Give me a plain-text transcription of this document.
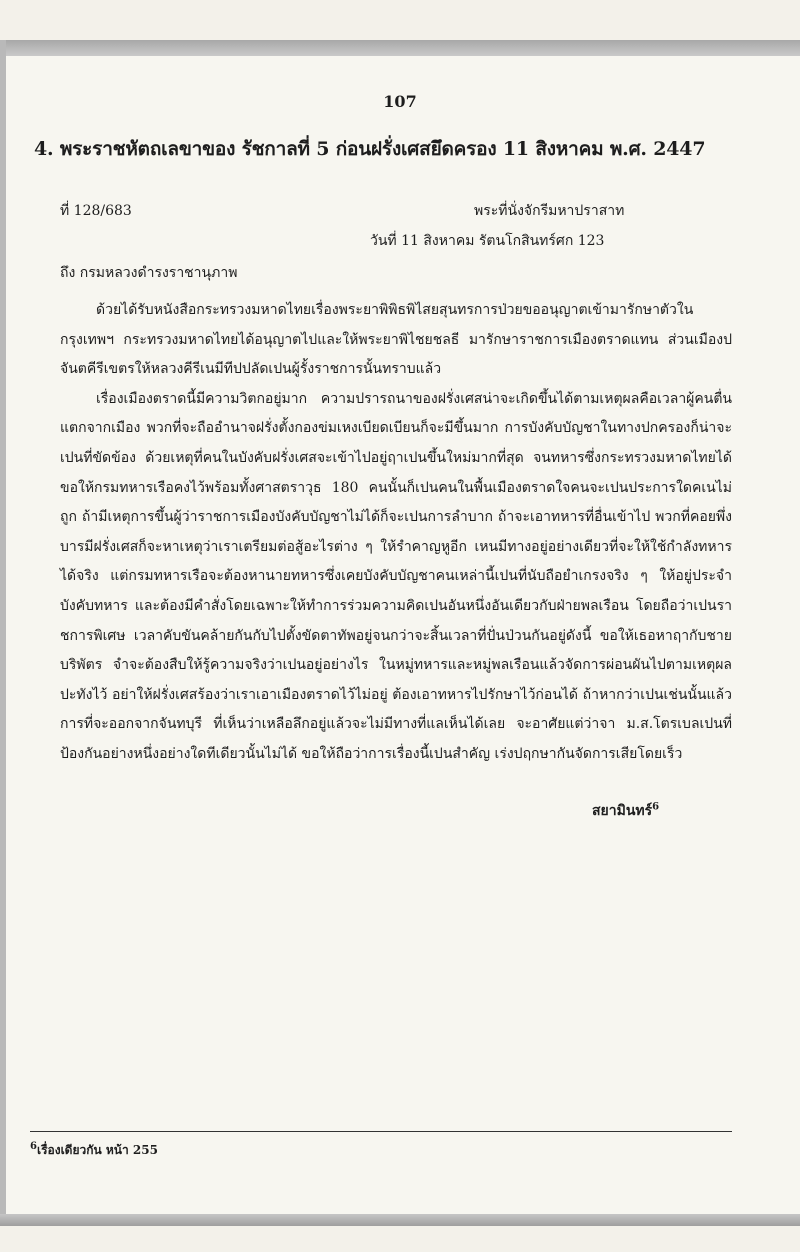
107
4. พระราชหัตถเลขาของ รัชกาลที่ 5 ก่อนฝรั่งเศสยึดครอง 11 สิงหาคม พ.ศ. 2447
ที่ 128/683	พระที่นั่งจักรีมหาปราสาท
วันที่ 11 สิงหาคม รัตนโกสินทร์ศก 123
ถึง กรมหลวงดำรงราชานุภาพ

ด้วยได้รับหนังสือกระทรวงมหาดไทยเรื่องพระยาพิพิธพิไสยสุนทรการป่วยขออนุญาตเข้ามารักษาตัวในกรุงเทพฯ กระทรวงมหาดไทยได้อนุญาตไปและให้พระยาพิไชยชลธี มารักษาราชการเมืองตราดแทน ส่วนเมืองปจันตคีรีเขตรให้หลวงคีรีเนมีทีปปลัดเปนผู้รั้งราชการนั้นทราบแล้ว

เรื่องเมืองตราดนี้มีความวิตกอยู่มาก ความปรารถนาของฝรั่งเศสน่าจะเกิดขึ้นได้ตามเหตุผลคือเวลาผู้คนตื่นแตกจากเมือง พวกที่จะถืออำนาจฝรั่งตั้งกองข่มเหงเบียดเบียนก็จะมีขึ้นมาก การบังคับบัญชาในทางปกครองก็น่าจะเปนที่ขัดข้อง ด้วยเหตุที่คนในบังคับฝรั่งเศสจะเข้าไปอยู่ฤาเปนขึ้นใหม่มากที่สุด จนทหารซึ่งกระทรวงมหาดไทยได้ขอให้กรมทหารเรือคงไว้พร้อมทั้งศาสตราวุธ 180 คนนั้นก็เปนคนในพื้นเมืองตราดใจคนจะเปนประการใดคเนไม่ถูก ถ้ามีเหตุการขึ้นผู้ว่าราชการเมืองบังคับบัญชาไม่ได้ก็จะเปนการลำบาก ถ้าจะเอาทหารที่อื่นเข้าไป พวกที่คอยพึ่งบารมีฝรั่งเศสก็จะหาเหตุว่าเราเตรียมต่อสู้อะไรต่าง ๆ ให้รำคาญหูอีก เหนมีทางอยู่อย่างเดียวที่จะให้ใช้กำลังทหารได้จริง แต่กรมทหารเรือจะต้องหานายทหารซึ่งเคยบังคับบัญชาคนเหล่านี้เปนที่นับถือยำเกรงจริง ๆ ให้อยู่ประจำบังคับทหาร และต้องมีคำสั่งโดยเฉพาะให้ทำการร่วมความคิดเปนอันหนึ่งอันเดียวกับฝ่ายพลเรือน โดยถือว่าเปนราชการพิเศษ เวลาคับขันคล้ายกันกับไปตั้งขัดตาทัพอยู่จนกว่าจะสิ้นเวลาที่ปั่นป่วนกันอยู่ดังนี้ ขอให้เธอหาฤากับชายบริพัตร จำจะต้องสืบให้รู้ความจริงว่าเปนอยู่อย่างไร ในหมู่ทหารและหมู่พลเรือนแล้วจัดการผ่อนผันไปตามเหตุผลปะทังไว้ อย่าให้ฝรั่งเศสร้องว่าเราเอาเมืองตราดไว้ไม่อยู่ ต้องเอาทหารไปรักษาไว้ก่อนได้ ถ้าหากว่าเปนเช่นนั้นแล้วการที่จะออกจากจันทบุรี ที่เห็นว่าเหลือลึกอยู่แล้วจะไม่มีทางที่แลเห็นได้เลย จะอาศัยแต่ว่าจา ม.ส.โตรเบลเปนที่ป้องกันอย่างหนึ่งอย่างใดทีเดียวนั้นไม่ได้ ขอให้ถือว่าการเรื่องนี้เปนสำคัญ เร่งปฤกษากันจัดการเสียโดยเร็ว

สยามินทร์$^6$
$^6$เรื่องเดียวกัน หน้า 255
